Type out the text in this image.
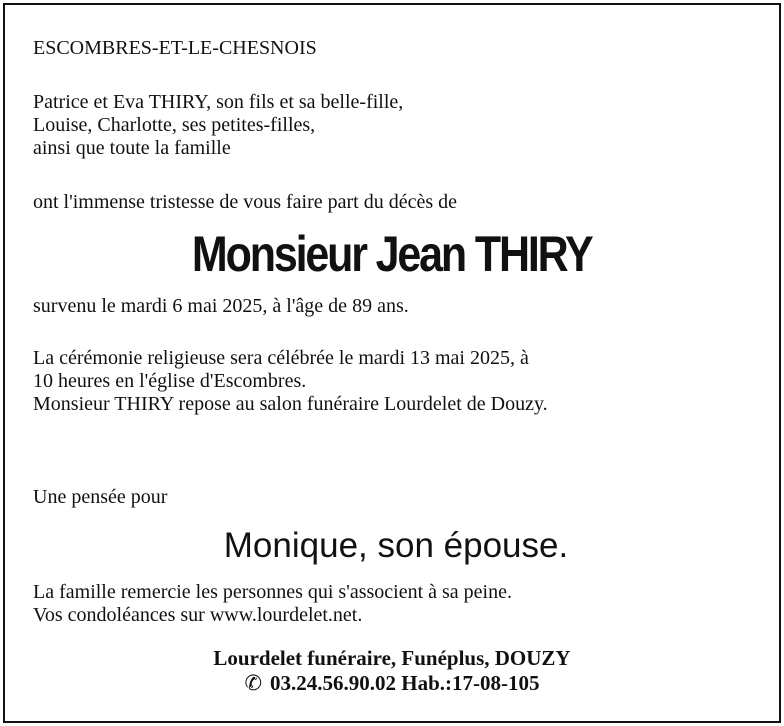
ESCOMBRES-ET-LE-CHESNOIS

Patrice et Eva THIRY, son fils et sa belle-fille,
Louise, Charlotte, ses petites-filles,
ainsi que toute la famille

ont l'immense tristesse de vous faire part du décès de

Monsieur Jean THIRY

survenu le mardi 6 mai 2025, à l'âge de 89 ans.

La cérémonie religieuse sera célébrée le mardi 13 mai 2025, à
10 heures en l'église d'Escombres.
Monsieur THIRY repose au salon funéraire Lourdelet de Douzy.

Une pensée pour

Monique, son épouse.

La famille remercie les personnes qui s'associent à sa peine.
Vos condoléances sur www.lourdelet.net.

Lourdelet funéraire, Funéplus, DOUZY
✆ 03.24.56.90.02 Hab.:17-08-105
